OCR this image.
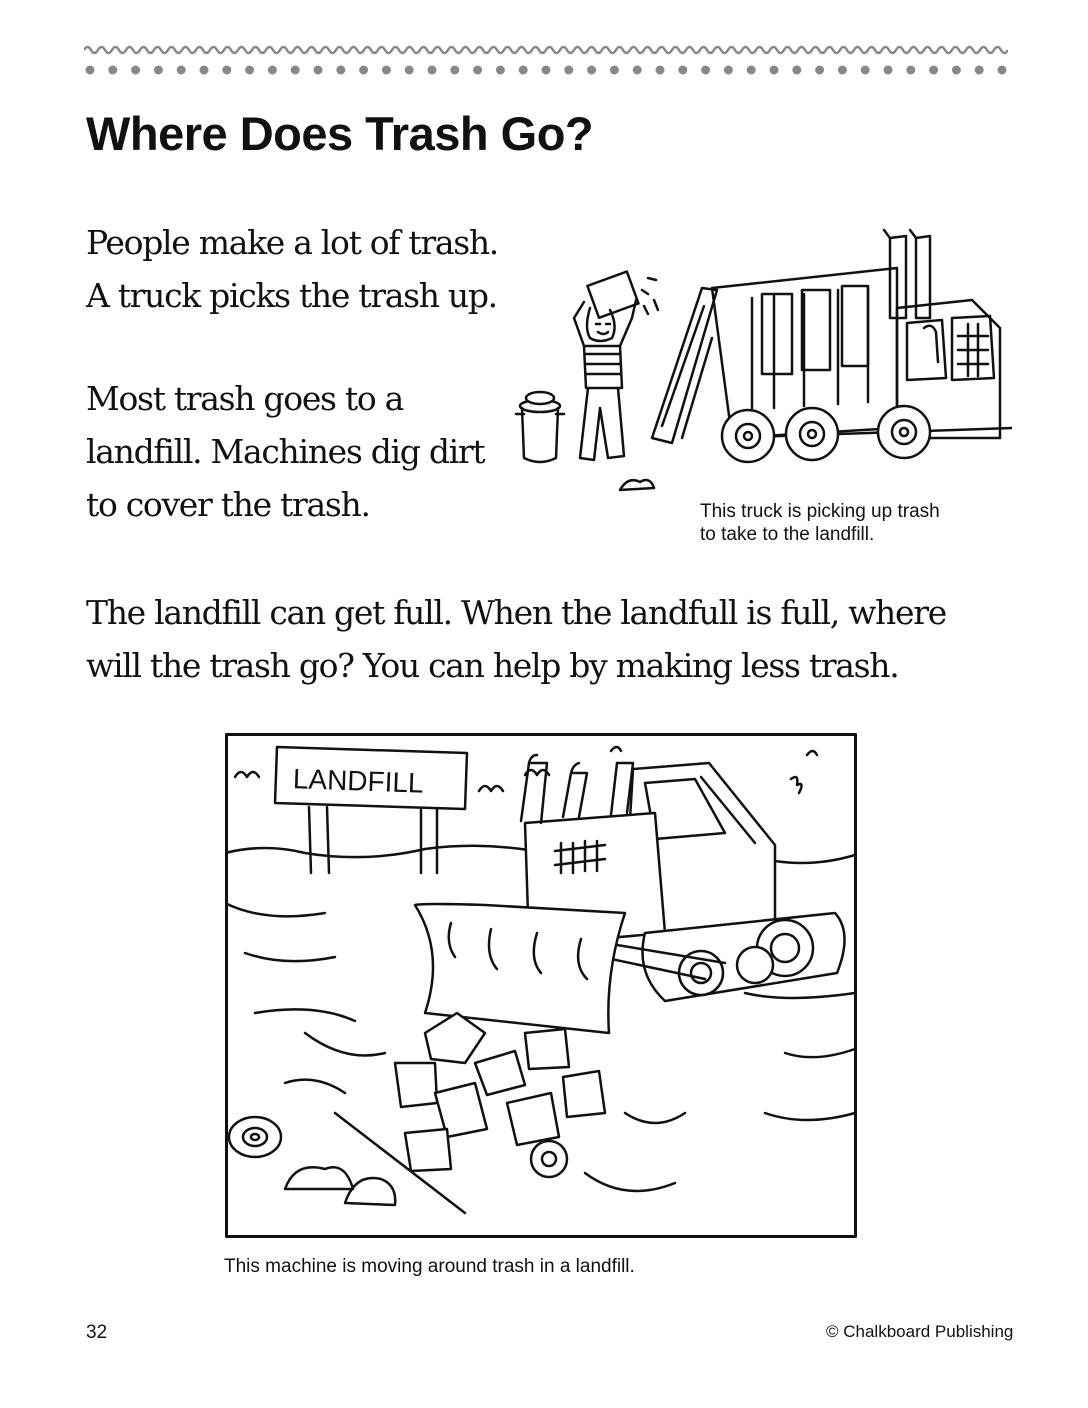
Where Does Trash Go?
People make a lot of trash.
A truck picks the trash up.
Most trash goes to a
landfill. Machines dig dirt
to cover the trash.	This truck is picking up trash
to take to the landfill.
The landfill can get full. When the landfull is full, where
will the trash go? You can help by making less trash.
LANDFILL
This machine is moving around trash in a landfill.
32	© Chalkboard Publishing
